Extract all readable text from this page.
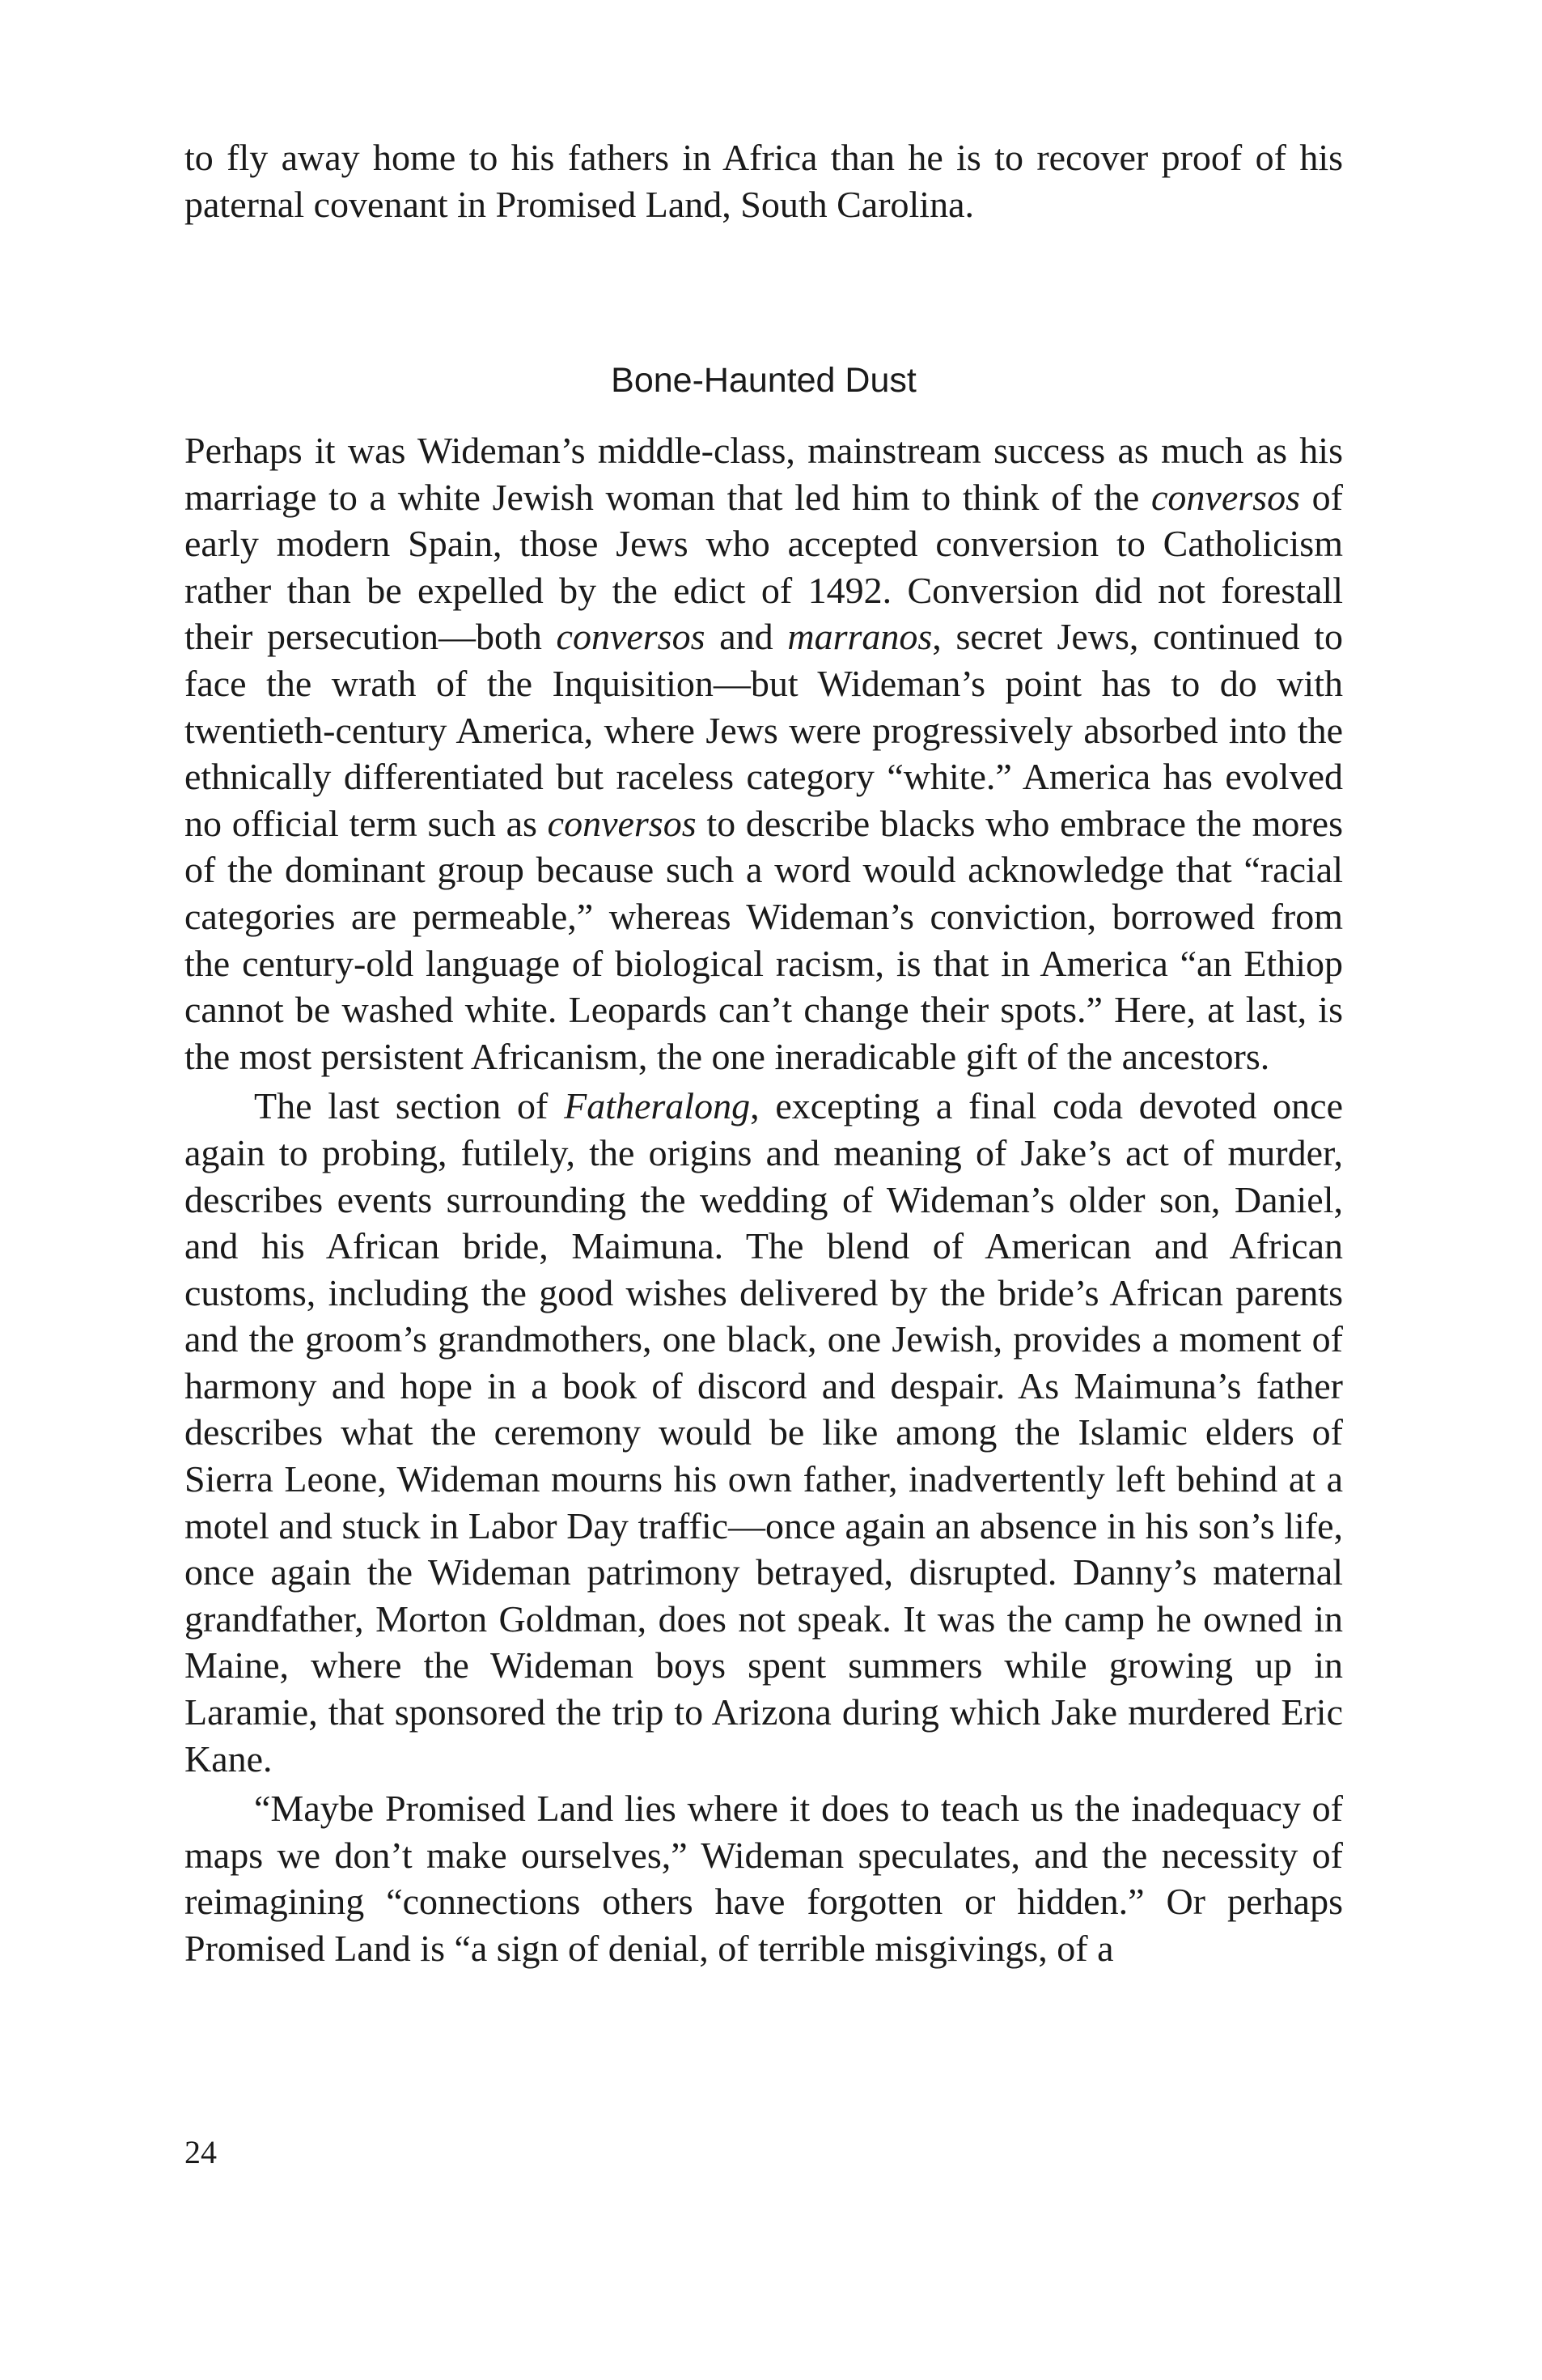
to fly away home to his fathers in Africa than he is to recover proof of his paternal covenant in Promised Land, South Carolina.

Bone-Haunted Dust

Perhaps it was Wideman’s middle-class, mainstream success as much as his marriage to a white Jewish woman that led him to think of the conversos of early modern Spain, those Jews who accepted conversion to Catholicism rather than be expelled by the edict of 1492. Conversion did not forestall their persecution—both conversos and marranos, secret Jews, continued to face the wrath of the Inquisition—but Wideman’s point has to do with twentieth-century America, where Jews were progressively absorbed into the ethnically differentiated but raceless category “white.” America has evolved no official term such as conversos to describe blacks who embrace the mores of the dominant group because such a word would acknowledge that “racial categories are permeable,” whereas Wideman’s conviction, borrowed from the century-old language of biological racism, is that in America “an Ethiop cannot be washed white. Leopards can’t change their spots.” Here, at last, is the most persistent Africanism, the one ineradicable gift of the ancestors.

The last section of Fatheralong, excepting a final coda devoted once again to probing, futilely, the origins and meaning of Jake’s act of murder, describes events surrounding the wedding of Wideman’s older son, Daniel, and his African bride, Maimuna. The blend of American and African customs, including the good wishes delivered by the bride’s African parents and the groom’s grandmothers, one black, one Jewish, provides a moment of harmony and hope in a book of discord and despair. As Maimuna’s father describes what the ceremony would be like among the Islamic elders of Sierra Leone, Wideman mourns his own father, inadvertently left behind at a motel and stuck in Labor Day traffic—once again an absence in his son’s life, once again the Wideman patrimony betrayed, disrupted. Danny’s maternal grandfather, Morton Goldman, does not speak. It was the camp he owned in Maine, where the Wideman boys spent summers while growing up in Laramie, that sponsored the trip to Arizona during which Jake murdered Eric Kane.

“Maybe Promised Land lies where it does to teach us the inadequacy of maps we don’t make ourselves,” Wideman speculates, and the necessity of reimagining “connections others have forgotten or hidden.” Or perhaps Promised Land is “a sign of denial, of terrible misgivings, of a

24
